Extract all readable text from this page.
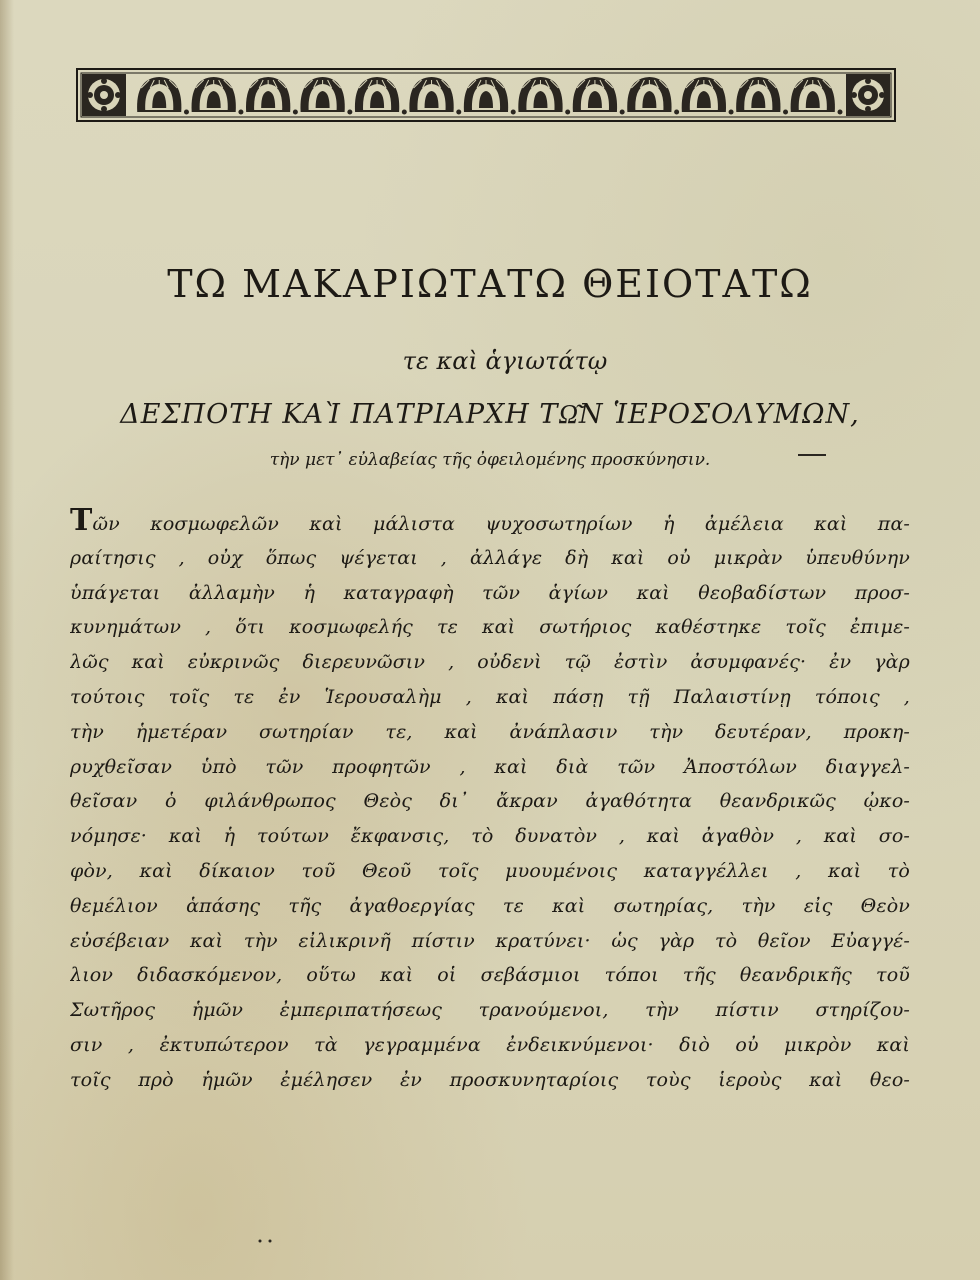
ΤΩ ΜΑΚΑΡΙΩΤΑΤΩ ΘΕΙΟΤΑΤΩ
τε καὶ ἁγιωτάτῳ
ΔΕΣΠΟΤΗ ΚΑῚ ΠΑΤΡΙΑΡΧΗ ΤΩ͂Ν ἹΕΡΟΣΟΛΥΜΩΝ,
τὴν μετ᾽ εὐλαβείας τῆς ὀφειλομένης προσκύνησιν.
Τῶν κοσμωφελῶν καὶ μάλιστα ψυχοσωτηρίων ἡ ἀμέλεια καὶ πα-
ραίτησις , οὐχ ὅπως ψέγεται , ἀλλάγε δὴ καὶ οὐ μικρὰν ὑπευθύνην
ὑπάγεται ἀλλαμὴν ἡ καταγραφὴ τῶν ἁγίων καὶ θεοβαδίστων προσ-
κυνημάτων , ὅτι κοσμωφελής τε καὶ σωτήριος καθέστηκε τοῖς ἐπιμε-
λῶς καὶ εὐκρινῶς διερευνῶσιν , οὐδενὶ τῷ ἐστὶν ἀσυμφανές· ἐν γὰρ
τούτοις τοῖς τε ἐν Ἱερουσαλὴμ , καὶ πάσῃ τῇ Παλαιστίνῃ τόποις ,
τὴν ἡμετέραν σωτηρίαν τε, καὶ ἀνάπλασιν τὴν δευτέραν, προκη-
ρυχθεῖσαν ὑπὸ τῶν προφητῶν , καὶ διὰ τῶν Ἀποστόλων διαγγελ-
θεῖσαν ὁ φιλάνθρωπος Θεὸς δι᾽ ἄκραν ἀγαθότητα θεανδρικῶς ᾠκο-
νόμησε· καὶ ἡ τούτων ἔκφανσις, τὸ δυνατὸν , καὶ ἀγαθὸν , καὶ σο-
φὸν, καὶ δίκαιον τοῦ Θεοῦ τοῖς μυουμένοις καταγγέλλει , καὶ τὸ
θεμέλιον ἁπάσης τῆς ἀγαθοεργίας τε καὶ σωτηρίας, τὴν εἰς Θεὸν
εὐσέβειαν καὶ τὴν εἰλικρινῆ πίστιν κρατύνει· ὡς γὰρ τὸ θεῖον Εὐαγγέ-
λιον διδασκόμενον, οὕτω καὶ οἱ σεβάσμιοι τόποι τῆς θεανδρικῆς τοῦ
Σωτῆρος ἡμῶν ἐμπεριπατήσεως τρανούμενοι, τὴν πίστιν στηρίζου-
σιν , ἐκτυπώτερον τὰ γεγραμμένα ἐνδεικνύμενοι· διὸ οὐ μικρὸν καὶ
τοῖς πρὸ ἡμῶν ἐμέλησεν ἐν προσκυνηταρίοις τοὺς ἱεροὺς καὶ θεο-
